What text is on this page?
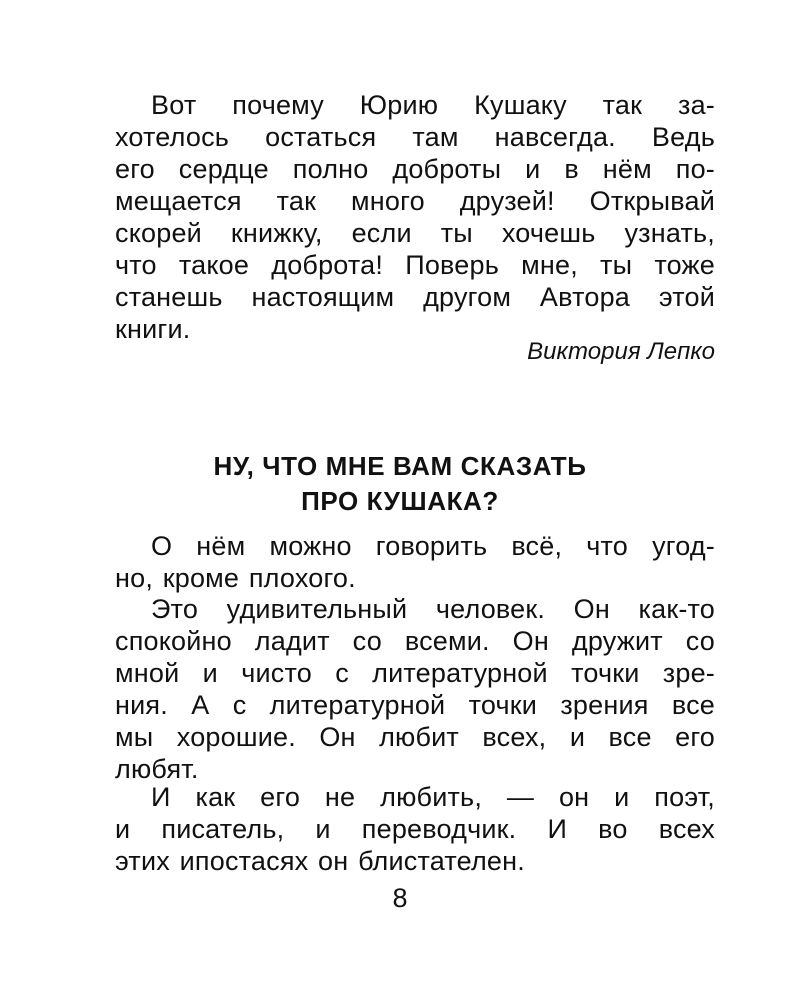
Вот почему Юрию Кушаку так за-
хотелось остаться там навсегда. Ведь
его сердце полно доброты и в нём по-
мещается так много друзей! Открывай
скорей книжку, если ты хочешь узнать,
что такое доброта! Поверь мне, ты тоже
станешь настоящим другом Автора этой
книги.
Виктория Лепко
НУ, ЧТО МНЕ ВАМ СКАЗАТЬ
ПРО КУШАКА?
О нём можно говорить всё, что угод-
но, кроме плохого.
Это удивительный человек. Он как-то
спокойно ладит со всеми. Он дружит со
мной и чисто с литературной точки зре-
ния. А с литературной точки зрения все
мы хорошие. Он любит всех, и все его
любят.
И как его не любить, — он и поэт,
и писатель, и переводчик. И во всех
этих ипостасях он блистателен.
8
